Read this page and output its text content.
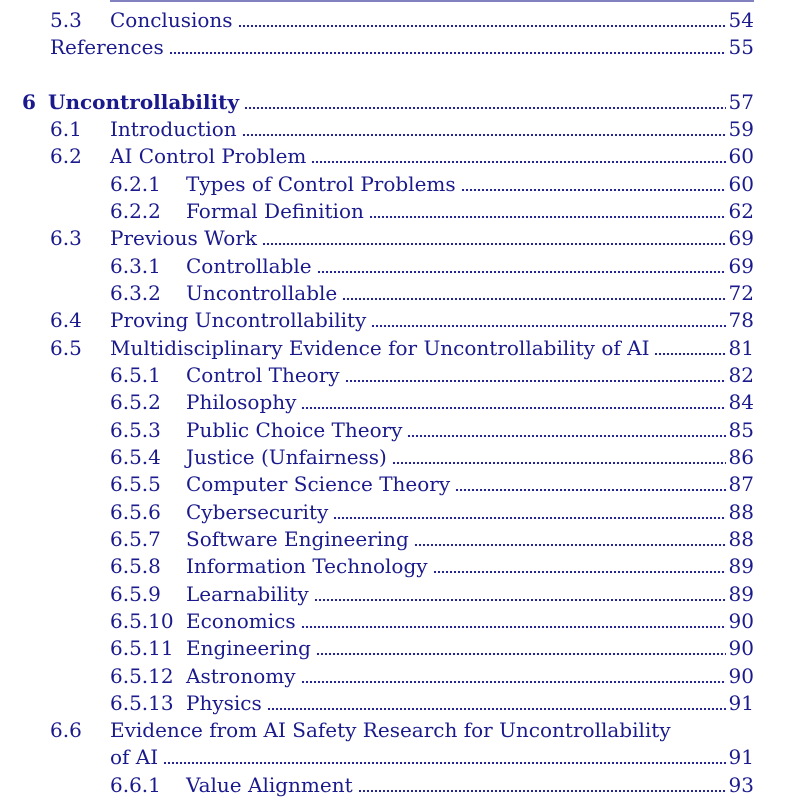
5.3	Conclusions	54
References	55
6 Uncontrollability	57
6.1	Introduction	59
6.2	AI Control Problem	60
6.2.1	Types of Control Problems	60
6.2.2	Formal Definition	62
6.3	Previous Work	69
6.3.1	Controllable	69
6.3.2	Uncontrollable	72
6.4	Proving Uncontrollability	78
6.5	Multidisciplinary Evidence for Uncontrollability of AI	81
6.5.1	Control Theory	82
6.5.2	Philosophy	84
6.5.3	Public Choice Theory	85
6.5.4	Justice (Unfairness)	86
6.5.5	Computer Science Theory	87
6.5.6	Cybersecurity	88
6.5.7	Software Engineering	88
6.5.8	Information Technology	89
6.5.9	Learnability	89
6.5.10 Economics	90
6.5.11 Engineering	90
6.5.12 Astronomy	90
6.5.13 Physics	91
6.6	Evidence from AI Safety Research for Uncontrollability
of AI	91
6.6.1	Value Alignment	93
